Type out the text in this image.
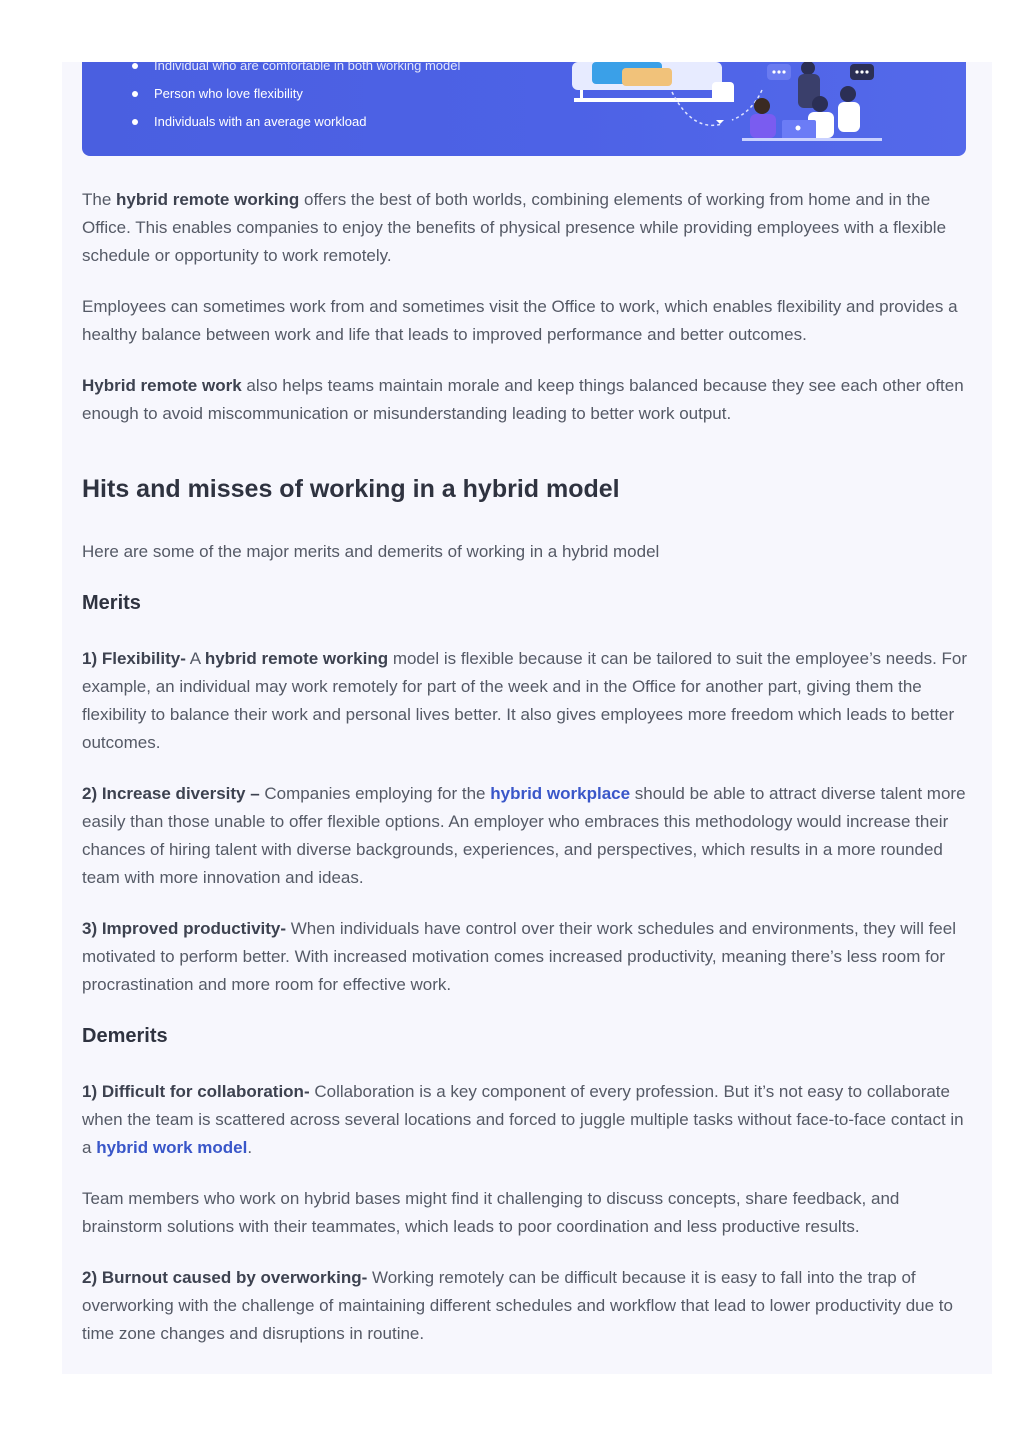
Individual who are comfortable in both working model
Person who love flexibility
Individuals with an average workload

The hybrid remote working offers the best of both worlds, combining elements of working from home and in the Office. This enables companies to enjoy the benefits of physical presence while providing employees with a flexible schedule or opportunity to work remotely.

Employees can sometimes work from and sometimes visit the Office to work, which enables flexibility and provides a healthy balance between work and life that leads to improved performance and better outcomes.

Hybrid remote work also helps teams maintain morale and keep things balanced because they see each other often enough to avoid miscommunication or misunderstanding leading to better work output.

Hits and misses of working in a hybrid model

Here are some of the major merits and demerits of working in a hybrid model

Merits

1) Flexibility- A hybrid remote working model is flexible because it can be tailored to suit the employee’s needs. For example, an individual may work remotely for part of the week and in the Office for another part, giving them the flexibility to balance their work and personal lives better. It also gives employees more freedom which leads to better outcomes.

2) Increase diversity – Companies employing for the hybrid workplace should be able to attract diverse talent more easily than those unable to offer flexible options. An employer who embraces this methodology would increase their chances of hiring talent with diverse backgrounds, experiences, and perspectives, which results in a more rounded team with more innovation and ideas.

3) Improved productivity- When individuals have control over their work schedules and environments, they will feel motivated to perform better. With increased motivation comes increased productivity, meaning there’s less room for procrastination and more room for effective work.

Demerits

1) Difficult for collaboration- Collaboration is a key component of every profession. But it’s not easy to collaborate when the team is scattered across several locations and forced to juggle multiple tasks without face-to-face contact in a hybrid work model.

Team members who work on hybrid bases might find it challenging to discuss concepts, share feedback, and brainstorm solutions with their teammates, which leads to poor coordination and less productive results.

2) Burnout caused by overworking- Working remotely can be difficult because it is easy to fall into the trap of overworking with the challenge of maintaining different schedules and workflow that lead to lower productivity due to time zone changes and disruptions in routine.
